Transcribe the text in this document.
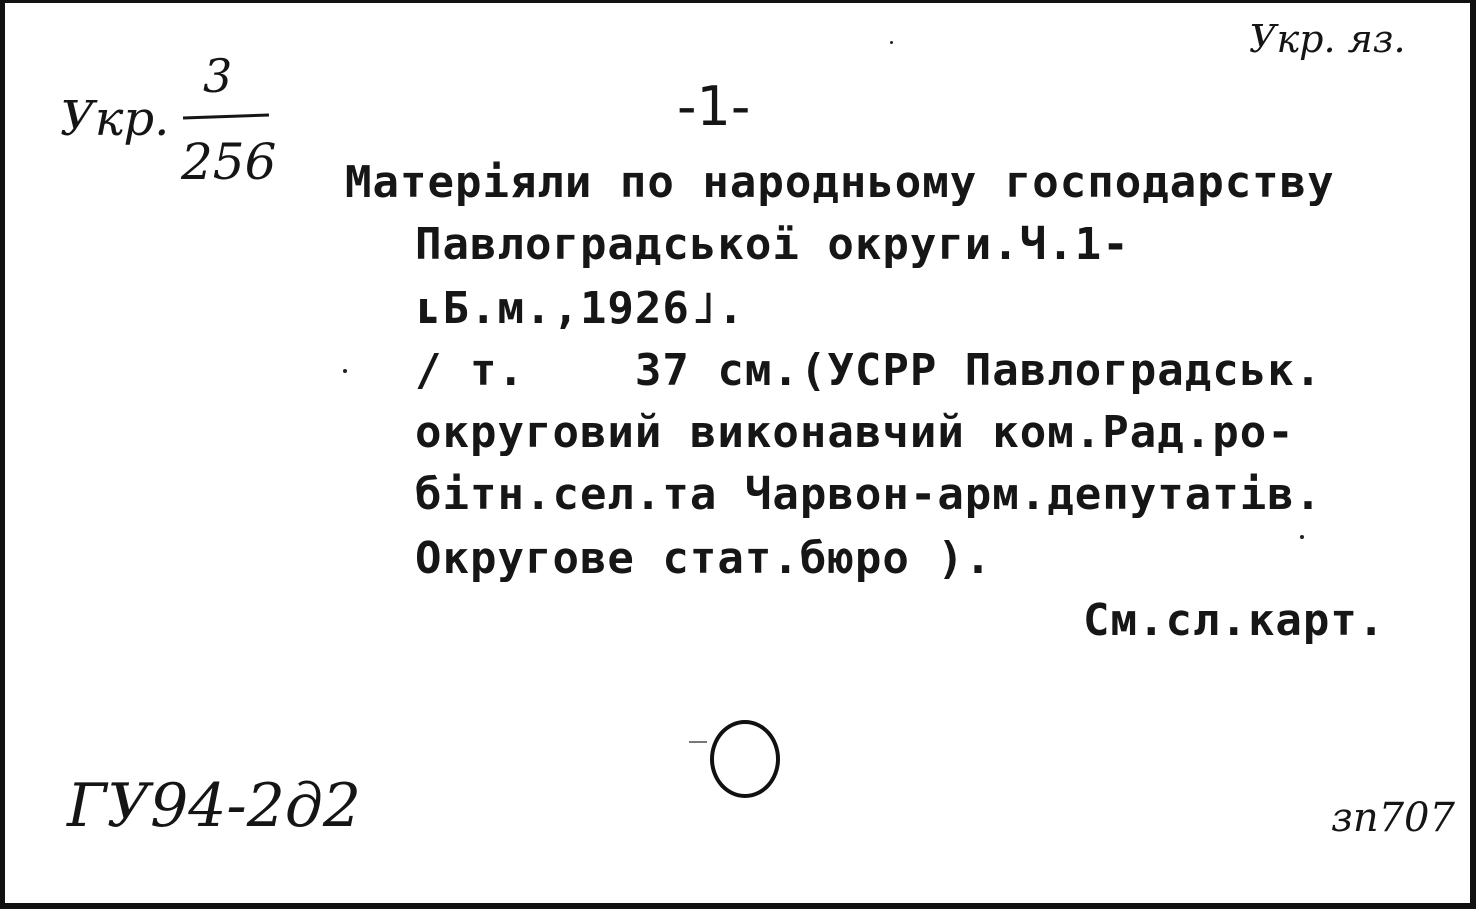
Укр.
3
256
Укр. яз.
-1-
Матеріяли по народньому господарству
Павлоградської округи.Ч.1-
ʟБ.м.,1926˩.
/ т.    37 см.(УСРР Павлоградськ.
округовий виконавчий ком.Рад.ро-
бітн.сел.та Чарвон-арм.депутатів.
Округове стат.бюро ).
См.сл.карт.
ГУ94-2д2	зп707
